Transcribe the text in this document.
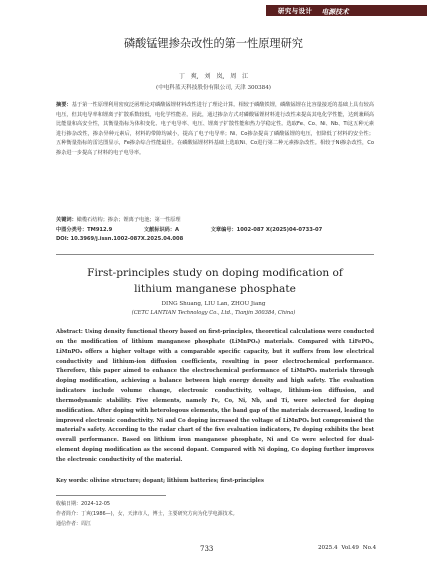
研究与设计 电源技术
磷酸锰锂掺杂改性的第一性原理研究
丁 爽, 刘 岚, 周 江
(中电科蓝天科技股份有限公司, 天津 300384)
摘要：基于第一性原理利用密度泛函理论对磷酸锰锂材料改性进行了理论计算。相较于磷酸铁锂，磷酸锰锂在比容量接近的基础上具有较高电压，但其电导率和锂离子扩散系数较低，电化学性能差。因此，通过掺杂方式对磷酸锰锂材料进行改性来提高其电化学性能，达到兼顾高比能量和高安全性，其衡量指标为体积变化、电子电导率、电压、锂离子扩散性能和热力学稳定性。选取Fe、Co、Ni、Nb、Ti这五种元素进行掺杂改性，掺杂异种元素后，材料的带隙均减小，提高了电子电导率；Ni、Co掺杂提高了磷酸锰锂的电压，但降低了材料的安全性；五种衡量指标的雷达图显示，Fe掺杂综合性能最佳。在磷酸锰锂材料基础上选取Ni、Co进行第二种元素掺杂改性。相较于Ni掺杂改性，Co掺杂进一步提高了材料的电子电导率。
关键词：橄榄石结构；掺杂；锂离子电池；第一性原理
中图分类号：TM912.9	文献标识码：A	文章编号：1002-087 X(2025)04-0733-07
DOI: 10.3969/j.issn.1002-087X.2025.04.008
First-principles study on doping modification of lithium manganese phosphate
DING Shuang, LIU Lan, ZHOU Jiang
(CETC LANTIAN Technology Co., Ltd., Tianjin 300384, China)
Abstract: Using density functional theory based on first-principles, theoretical calculations were conducted on the modification of lithium manganese phosphate (LiMnPO₄) materials. Compared with LiFePO₄, LiMnPO₄ offers a higher voltage with a comparable specific capacity, but it suffers from low electrical conductivity and lithium-ion diffusion coefficients, resulting in poor electrochemical performance. Therefore, this paper aimed to enhance the electrochemical performance of LiMnPO₄ materials through doping modification, achieving a balance between high energy density and high safety. The evaluation indicators include volume change, electronic conductivity, voltage, lithium-ion diffusion, and thermodynamic stability. Five elements, namely Fe, Co, Ni, Nb, and Ti, were selected for doping modification. After doping with heterologous elements, the band gap of the materials decreased, leading to improved electronic conductivity. Ni and Co doping increased the voltage of LiMnPO₄ but compromised the material's safety. According to the radar chart of the five evaluation indicators, Fe doping exhibits the best overall performance. Based on lithium iron manganese phosphate, Ni and Co were selected for dual-element doping modification as the second dopant. Compared with Ni doping, Co doping further improves the electronic conductivity of the material.
Key words: olivine structure; dopant; lithium batteries; first-principles
收稿日期：2024-12-05
作者简介：丁爽(1986—)，女，天津市人，博士，主要研究方向为化学电源技术。
通信作者：周江
733	2025.4 Vol.49 No.4
